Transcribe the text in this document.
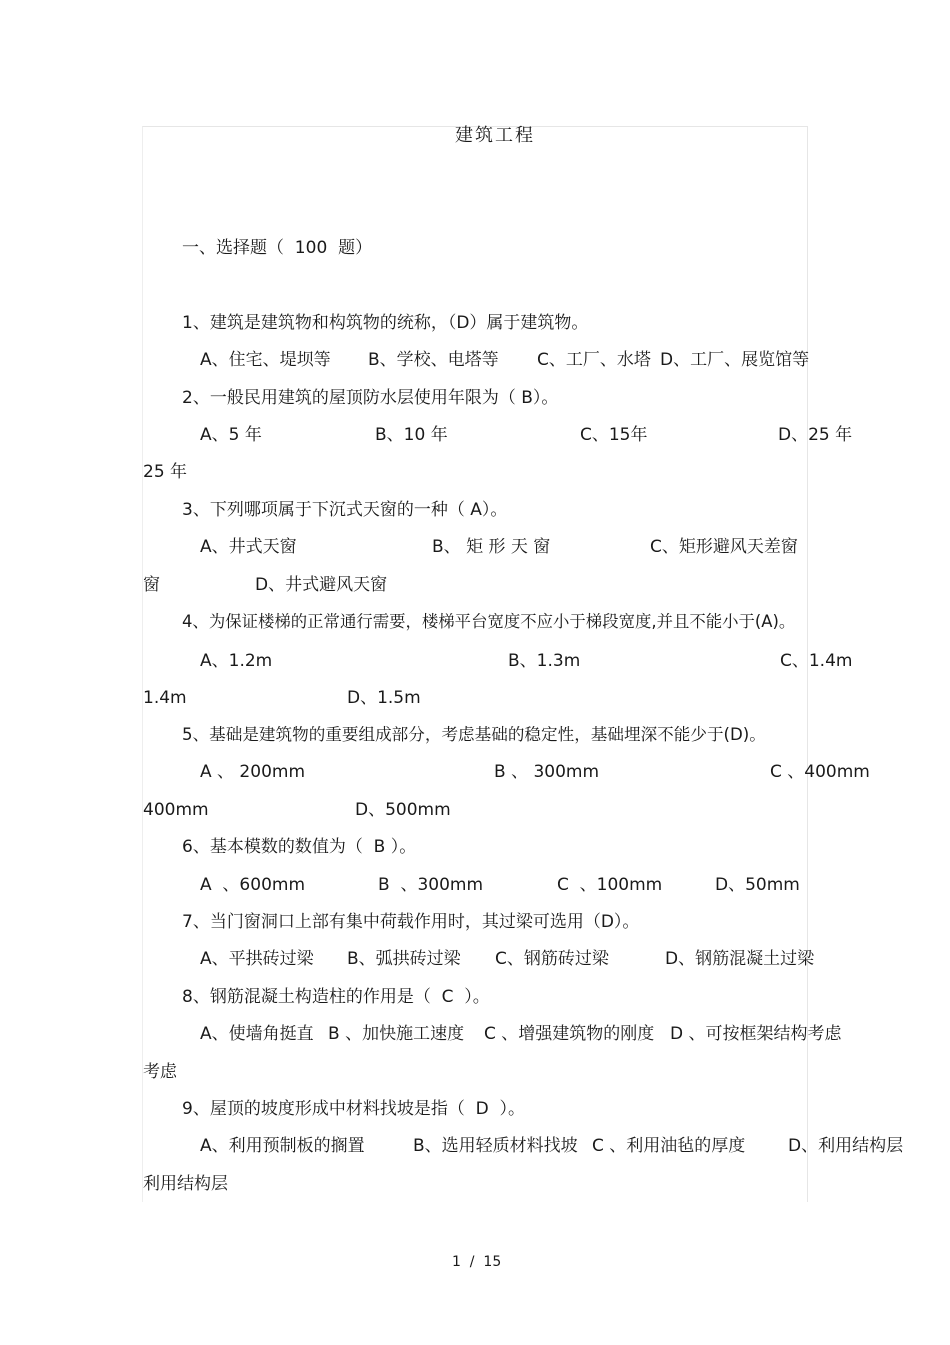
建筑工程
一、选择题（  100  题）
1、建筑是建筑物和构筑物的统称，（D）属于建筑物。
A、住宅、堤坝等 B、学校、电塔等 C、工厂、水塔 D、工厂、展览馆等
2、一般民用建筑的屋顶防水层使用年限为（ B）。
A、5 年	B、10 年	C、15年	D、25 年
25 年
3、下列哪项属于下沉式天窗的一种（ A）。
A、井式天窗	B、 矩 形 天 窗	C、矩形避风天差窗
窗	D、井式避风天窗
4、为保证楼梯的正常通行需要，楼梯平台宽度不应小于梯段宽度,并且不能小于(A)。
A、1.2m	B、1.3m	C、1.4m
1.4m	D、1.5m
5、基础是建筑物的重要组成部分，考虑基础的稳定性，基础埋深不能少于(D)。
A 、 200mm	B 、 300mm	C 、400mm
400mm	D、500mm
6、基本模数的数值为（  B ）。
A  、600mm	B  、300mm	C  、100mm	D、50mm
7、当门窗洞口上部有集中荷载作用时，其过梁可选用（D）。
A、平拱砖过梁 B、弧拱砖过梁 C、钢筋砖过梁	D、钢筋混凝土过梁
8、钢筋混凝土构造柱的作用是（  C  ）。
A、使墙角挺直 B 、加快施工速度 C 、增强建筑物的刚度 D 、可按框架结构考虑
考虑
9、屋顶的坡度形成中材料找坡是指（  D  ）。
A、利用预制板的搁置	B、选用轻质材料找坡 C 、利用油毡的厚度	D、利用结构层
利用结构层
1  /  15
